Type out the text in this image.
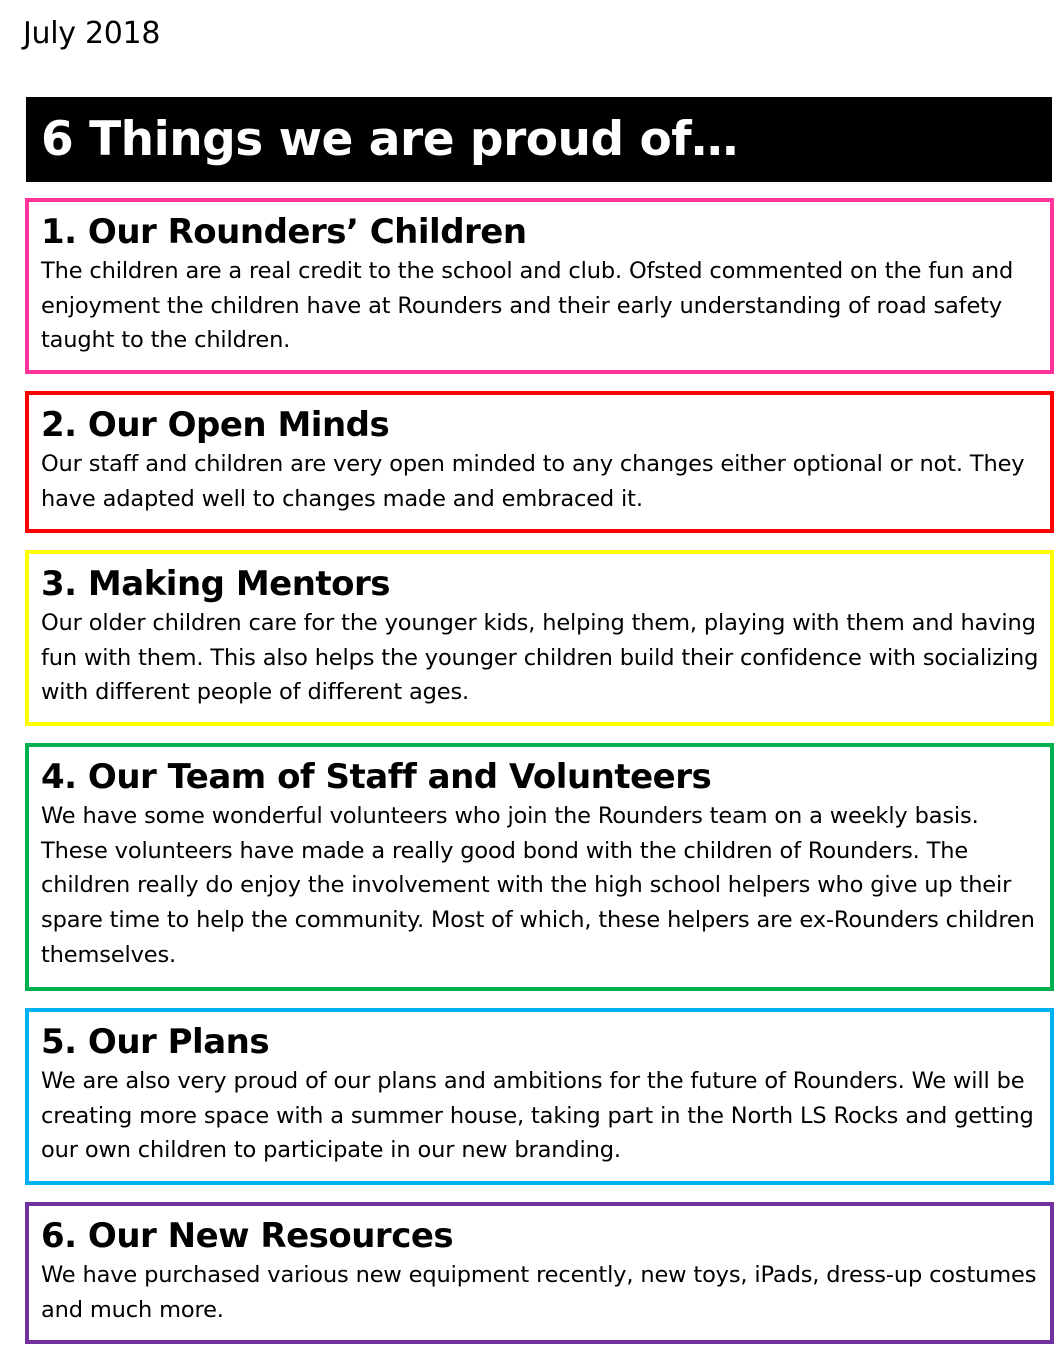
July 2018
6 Things we are proud of…
1. Our Rounders’ Children

The children are a real credit to the school and club. Ofsted commented on the fun and enjoyment the children have at Rounders and their early understanding of road safety taught to the children.

2. Our Open Minds

Our staff and children are very open minded to any changes either optional or not. They have adapted well to changes made and embraced it.

3. Making Mentors

Our older children care for the younger kids, helping them, playing with them and having fun with them. This also helps the younger children build their confidence with socializing with different people of different ages.

4. Our Team of Staff and Volunteers

We have some wonderful volunteers who join the Rounders team on a weekly basis. These volunteers have made a really good bond with the children of Rounders. The children really do enjoy the involvement with the high school helpers who give up their spare time to help the community. Most of which, these helpers are ex-Rounders children themselves.

5. Our Plans

We are also very proud of our plans and ambitions for the future of Rounders. We will be creating more space with a summer house, taking part in the North LS Rocks and getting our own children to participate in our new branding.

6. Our New Resources

We have purchased various new equipment recently, new toys, iPads, dress-up costumes and much more.
